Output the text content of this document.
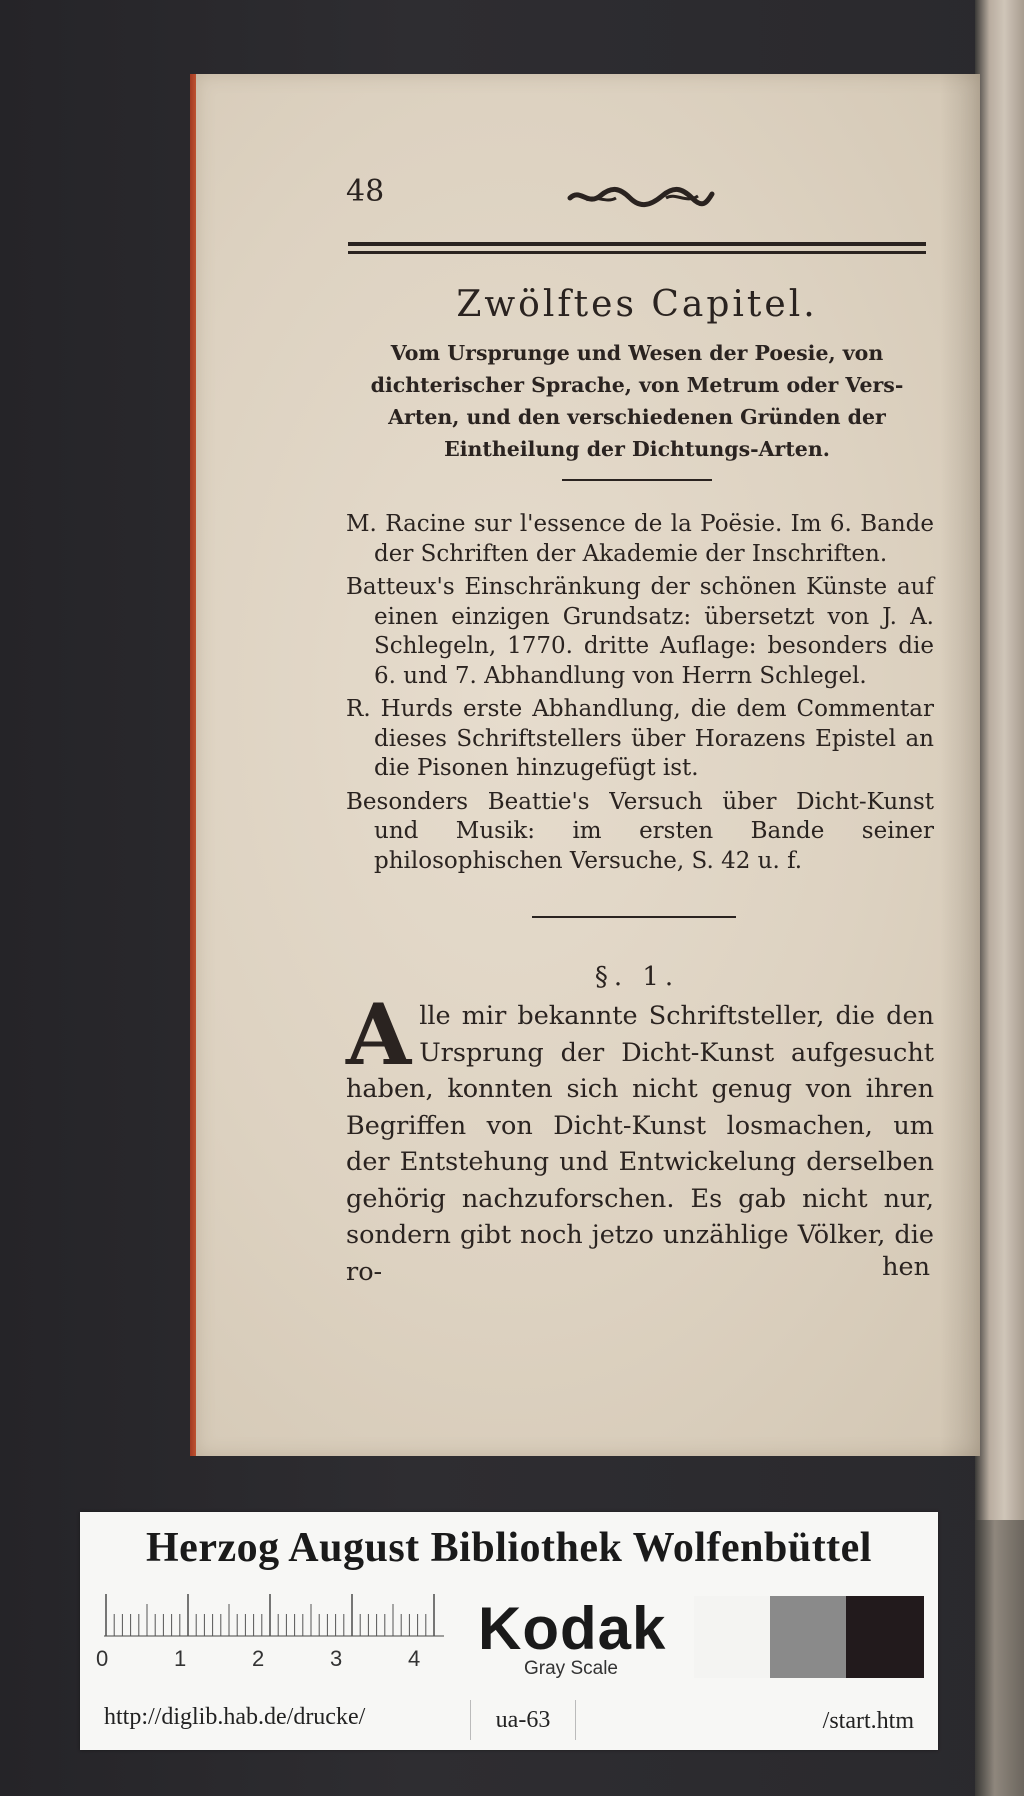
48
Zwölftes Capitel.
Vom Ursprunge und Wesen der Poesie, von dichterischer Sprache, von Metrum oder Vers-Arten, und den verschiedenen Gründen der Eintheilung der Dichtungs-Arten.

M. Racine sur l'essence de la Poësie. Im 6. Bande der Schriften der Akademie der Inschriften.

Batteux's Einschränkung der schönen Künste auf einen einzigen Grundsatz: übersetzt von J. A. Schlegeln, 1770. dritte Auflage: besonders die 6. und 7. Abhandlung von Herrn Schlegel.

R. Hurds erste Abhandlung, die dem Commentar dieses Schriftstellers über Horazens Epistel an die Pisonen hinzugefügt ist.

Besonders Beattie's Versuch über Dicht-Kunst und Musik: im ersten Bande seiner philosophischen Versuche, S. 42 u. f.

§. 1.
A lle mir bekannte Schriftsteller, die den Ursprung der Dicht-Kunst aufgesucht haben, konnten sich nicht genug von ihren Begriffen von Dicht-Kunst losmachen, um der Entstehung und Entwickelung derselben gehörig nachzuforschen. Es gab nicht nur, sondern gibt noch jetzo unzählige Völker, die ro-	hen
Herzog August Bibliothek Wolfenbüttel
0	1	2	3	4 Kodak
Gray Scale
http://diglib.hab.de/drucke/	ua-63	/start.htm
